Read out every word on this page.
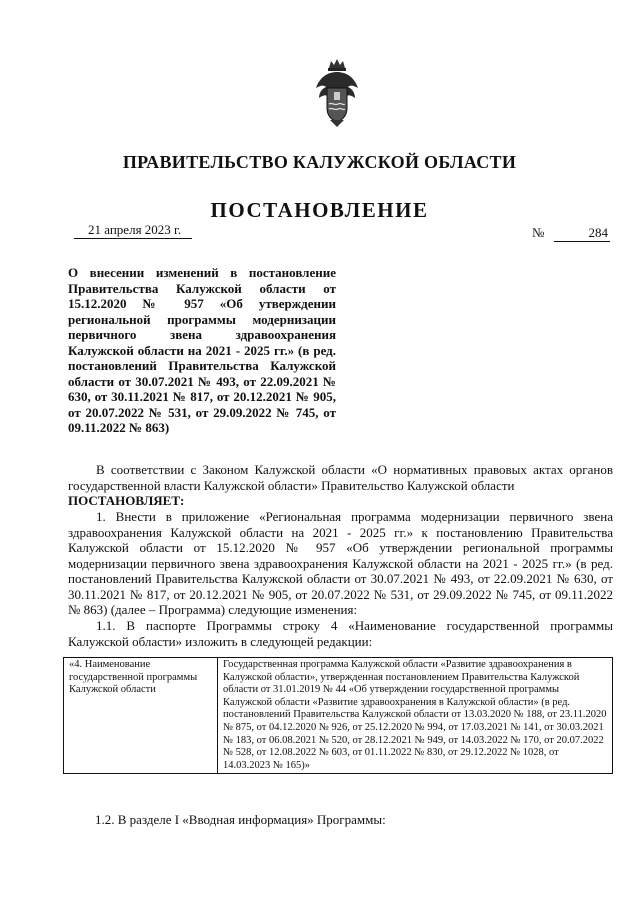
ПРАВИТЕЛЬСТВО КАЛУЖСКОЙ ОБЛАСТИ
ПОСТАНОВЛЕНИЕ
21 апреля 2023 г.	№	284
О внесении изменений в постановление Правительства Калужской области от 15.12.2020 № 957 «Об утверждении региональной программы модернизации первичного звена здравоохранения Калужской области на 2021 - 2025 гг.» (в ред. постановлений Правительства Калужской области от 30.07.2021 № 493, от 22.09.2021 № 630, от 30.11.2021 № 817, от 20.12.2021 № 905, от 20.07.2022 № 531, от 29.09.2022 № 745, от 09.11.2022 № 863)

В соответствии с Законом Калужской области «О нормативных правовых актах органов государственной власти Калужской области» Правительство Калужской области

ПОСТАНОВЛЯЕТ:

1. Внести в приложение «Региональная программа модернизации первичного звена здравоохранения Калужской области на 2021 - 2025 гг.» к постановлению Правительства Калужской области от 15.12.2020 № 957 «Об утверждении региональной программы модернизации первичного звена здравоохранения Калужской области на 2021 - 2025 гг.» (в ред. постановлений Правительства Калужской области от 30.07.2021 № 493, от 22.09.2021 № 630, от 30.11.2021 № 817, от 20.12.2021 № 905, от 20.07.2022 № 531, от 29.09.2022 № 745, от 09.11.2022 № 863) (далее – Программа) следующие изменения:

1.1. В паспорте Программы строку 4 «Наименование государственной программы Калужской области» изложить в следующей редакции:

«4. Наименование государственной программы Калужской области	Государственная программа Калужской области «Развитие здравоохранения в Калужской области», утвержденная постановлением Правительства Калужской области от 31.01.2019 № 44 «Об утверждении государственной программы Калужской области «Развитие здравоохранения в Калужской области» (в ред. постановлений Правительства Калужской области от 13.03.2020 № 188, от 23.11.2020 № 875, от 04.12.2020 № 926, от 25.12.2020 № 994, от 17.03.2021 № 141, от 30.03.2021 № 183, от 06.08.2021 № 520, от 28.12.2021 № 949, от 14.03.2022 № 170, от 20.07.2022 № 528, от 12.08.2022 № 603, от 01.11.2022 № 830, от 29.12.2022 № 1028, от 14.03.2023 № 165)»
1.2. В разделе I «Вводная информация» Программы:
